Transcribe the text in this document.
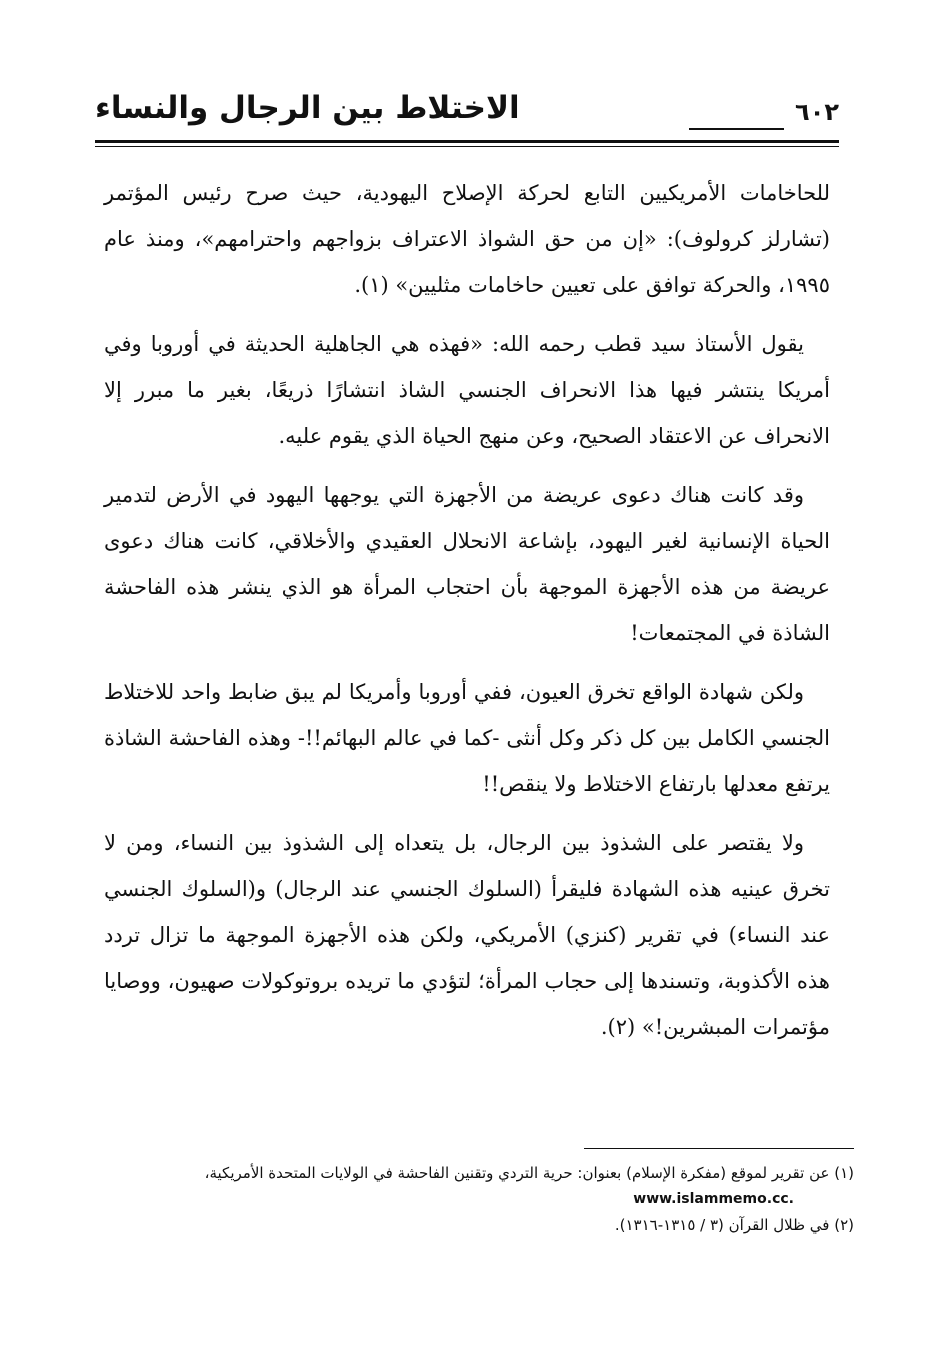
الاختلاط بين الرجال والنساء	٦٠٢

للحاخامات الأمريكيين التابع لحركة الإصلاح اليهودية، حيث صرح رئيس المؤتمر (تشارلز كرولوف): «إن من حق الشواذ الاعتراف بزواجهم واحترامهم»، ومنذ عام ١٩٩٥، والحركة توافق على تعيين حاخامات مثليين» (١).

يقول الأستاذ سيد قطب رحمه الله: «فهذه هي الجاهلية الحديثة في أوروبا وفي أمريكا ينتشر فيها هذا الانحراف الجنسي الشاذ انتشارًا ذريعًا، بغير ما مبرر إلا الانحراف عن الاعتقاد الصحيح، وعن منهج الحياة الذي يقوم عليه.

وقد كانت هناك دعوى عريضة من الأجهزة التي يوجهها اليهود في الأرض لتدمير الحياة الإنسانية لغير اليهود، بإشاعة الانحلال العقيدي والأخلاقي، كانت هناك دعوى عريضة من هذه الأجهزة الموجهة بأن احتجاب المرأة هو الذي ينشر هذه الفاحشة الشاذة في المجتمعات!

ولكن شهادة الواقع تخرق العيون، ففي أوروبا وأمريكا لم يبق ضابط واحد للاختلاط الجنسي الكامل بين كل ذكر وكل أنثى -كما في عالم البهائم!!- وهذه الفاحشة الشاذة يرتفع معدلها بارتفاع الاختلاط ولا ينقص!!

ولا يقتصر على الشذوذ بين الرجال، بل يتعداه إلى الشذوذ بين النساء، ومن لا تخرق عينيه هذه الشهادة فليقرأ (السلوك الجنسي عند الرجال) و(السلوك الجنسي عند النساء) في تقرير (كنزي) الأمريكي، ولكن هذه الأجهزة الموجهة ما تزال تردد هذه الأكذوبة، وتسندها إلى حجاب المرأة؛ لتؤدي ما تريده بروتوكولات صهيون، ووصايا مؤتمرات المبشرين!» (٢).

(١) عن تقرير لموقع (مفكرة الإسلام) بعنوان: حرية التردي وتقنين الفاحشة في الولايات المتحدة الأمريكية،
www.islammemo.cc.

(٢) في ظلال القرآن (٣ / ١٣١٥-١٣١٦).
